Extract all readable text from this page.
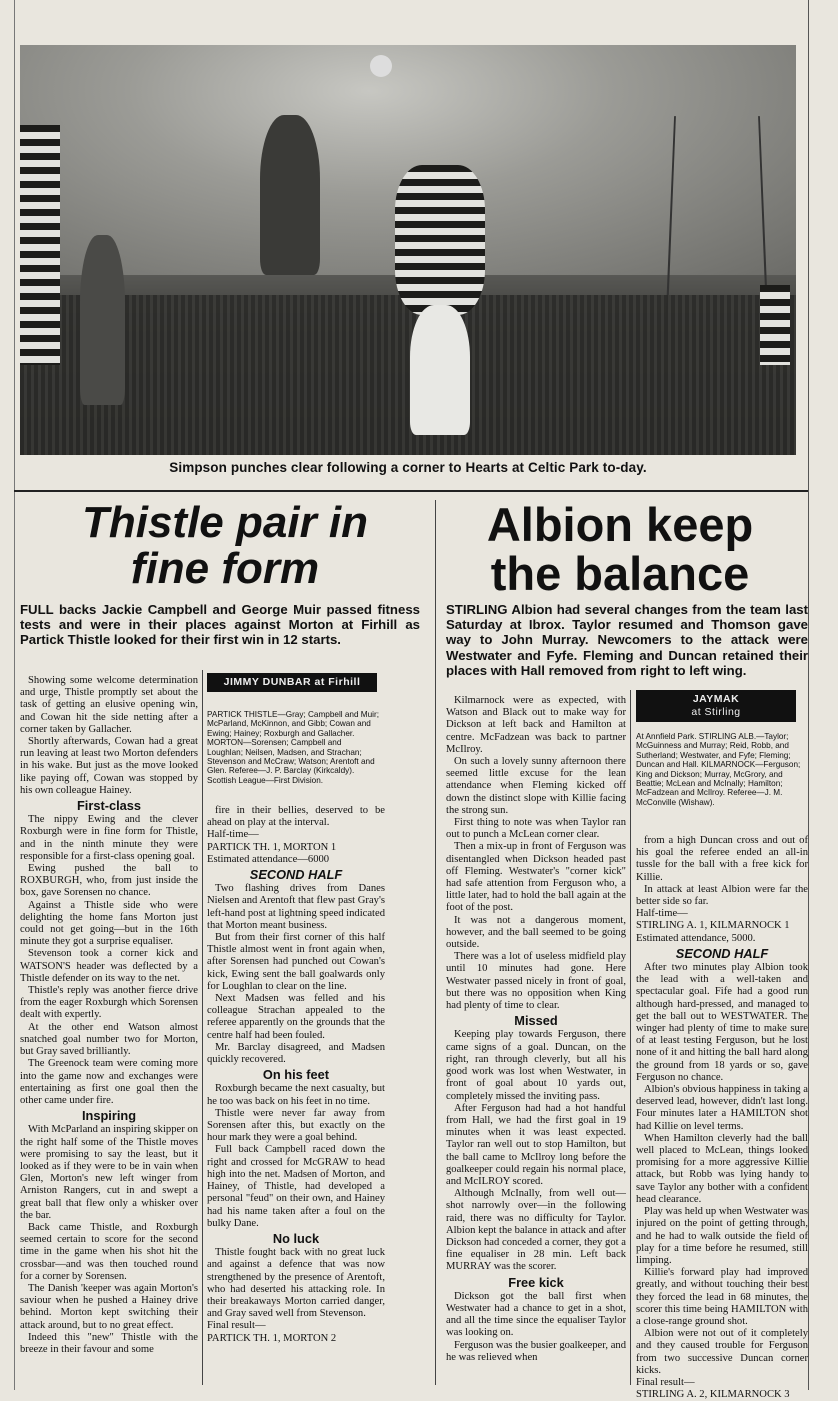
Simpson punches clear following a corner to Hearts at Celtic Park to-day.
Thistle pair in
fine form
FULL backs Jackie Campbell and George Muir passed fitness tests and were in their places against Morton at Firhill as Partick Thistle looked for their first win in 12 starts.

Showing some welcome determination and urge, Thistle promptly set about the task of getting an elusive opening win, and Cowan hit the side netting after a corner taken by Gallacher.

Shortly afterwards, Cowan had a great run leaving at least two Morton defenders in his wake. But just as the move looked like paying off, Cowan was stopped by his own colleague Hainey.

First-class

The nippy Ewing and the clever Roxburgh were in fine form for Thistle, and in the ninth minute they were responsible for a first-class opening goal.

Ewing pushed the ball to ROXBURGH, who, from just inside the box, gave Sorensen no chance.

Against a Thistle side who were delighting the home fans Morton just could not get going—but in the 16th minute they got a surprise equaliser.

Stevenson took a corner kick and WATSON'S header was deflected by a Thistle defender on its way to the net.

Thistle's reply was another fierce drive from the eager Roxburgh which Sorensen dealt with expertly.

At the other end Watson almost snatched goal number two for Morton, but Gray saved brilliantly.

The Greenock team were coming more into the game now and exchanges were entertaining as first one goal then the other came under fire.

Inspiring

With McParland an inspiring skipper on the right half some of the Thistle moves were promising to say the least, but it looked as if they were to be in vain when Glen, Morton's new left winger from Arniston Rangers, cut in and swept a great ball that flew only a whisker over the bar.

Back came Thistle, and Roxburgh seemed certain to score for the second time in the game when his shot hit the crossbar—and was then touched round for a corner by Sorensen.

The Danish 'keeper was again Morton's saviour when he pushed a Hainey drive behind. Morton kept switching their attack around, but to no great effect.

Indeed this "new" Thistle with the breeze in their favour and some

JIMMY DUNBAR at Firhill

PARTICK THISTLE—Gray; Campbell and Muir; McParland, McKinnon, and Gibb; Cowan and Ewing; Hainey; Roxburgh and Gallacher. MORTON—Sorensen; Campbell and Loughlan; Neilsen, Madsen, and Strachan; Stevenson and McCraw; Watson; Arentoft and Glen. Referee—J. P. Barclay (Kirkcaldy). Scottish League—First Division.

fire in their bellies, deserved to be ahead on play at the interval.

Half-time—

PARTICK TH. 1, MORTON 1

Estimated attendance—6000

SECOND HALF

Two flashing drives from Danes Nielsen and Arentoft that flew past Gray's left-hand post at lightning speed indicated that Morton meant business.

But from their first corner of this half Thistle almost went in front again when, after Sorensen had punched out Cowan's kick, Ewing sent the ball goalwards only for Loughlan to clear on the line.

Next Madsen was felled and his colleague Strachan appealed to the referee apparently on the grounds that the centre half had been fouled.

Mr. Barclay disagreed, and Madsen quickly recovered.

On his feet

Roxburgh became the next casualty, but he too was back on his feet in no time.

Thistle were never far away from Sorensen after this, but exactly on the hour mark they were a goal behind.

Full back Campbell raced down the right and crossed for McGRAW to head high into the net. Madsen of Morton, and Hainey, of Thistle, had developed a personal "feud" on their own, and Hainey had his name taken after a foul on the bulky Dane.

No luck

Thistle fought back with no great luck and against a defence that was now strengthened by the presence of Arentoft, who had deserted his attacking role. In their breakaways Morton carried danger, and Gray saved well from Stevenson.

Final result—

PARTICK TH. 1, MORTON 2

Albion keep
the balance
STIRLING Albion had several changes from the team last Saturday at Ibrox. Taylor resumed and Thomson gave way to John Murray. Newcomers to the attack were Westwater and Fyfe. Fleming and Duncan retained their places with Hall removed from right to left wing.

Kilmarnock were as expected, with Watson and Black out to make way for Dickson at left back and Hamilton at centre. McFadzean was back to partner McIlroy.

On such a lovely sunny afternoon there seemed little excuse for the lean attendance when Fleming kicked off down the distinct slope with Killie facing the strong sun.

First thing to note was when Taylor ran out to punch a McLean corner clear.

Then a mix-up in front of Ferguson was disentangled when Dickson headed past off Fleming. Westwater's "corner kick" had safe attention from Ferguson who, a little later, had to hold the ball again at the foot of the post.

It was not a dangerous moment, however, and the ball seemed to be going outside.

There was a lot of useless midfield play until 10 minutes had gone. Here Westwater passed nicely in front of goal, but there was no opposition when King had plenty of time to clear.

Missed

Keeping play towards Ferguson, there came signs of a goal. Duncan, on the right, ran through cleverly, but all his good work was lost when Westwater, in front of goal about 10 yards out, completely missed the inviting pass.

After Ferguson had had a hot handful from Hall, we had the first goal in 19 minutes when it was least expected. Taylor ran well out to stop Hamilton, but the ball came to McIlroy long before the goalkeeper could regain his normal place, and McILROY scored.

Although McInally, from well out—shot narrowly over—in the following raid, there was no difficulty for Taylor. Albion kept the balance in attack and after Dickson had conceded a corner, they got a fine equaliser in 28 min. Left back MURRAY was the scorer.

Free kick

Dickson got the ball first when Westwater had a chance to get in a shot, and all the time since the equaliser Taylor was looking on.

Ferguson was the busier goalkeeper, and he was relieved when

JAYMAK
at Stirling

At Annfield Park. STIRLING ALB.—Taylor; McGuinness and Murray; Reid, Robb, and Sutherland; Westwater, and Fyfe; Fleming; Duncan and Hall. KILMARNOCK—Ferguson; King and Dickson; Murray, McGrory, and Beattie; McLean and McInally; Hamilton; McFadzean and McIlroy. Referee—J. M. McConville (Wishaw).

from a high Duncan cross and out of his goal the referee ended an all-in tussle for the ball with a free kick for Killie.

In attack at least Albion were far the better side so far.

Half-time—

STIRLING A. 1, KILMARNOCK 1

Estimated attendance, 5000.

SECOND HALF

After two minutes play Albion took the lead with a well-taken and spectacular goal. Fife had a good run although hard-pressed, and managed to get the ball out to WESTWATER. The winger had plenty of time to make sure of at least testing Ferguson, but he lost none of it and hitting the ball hard along the ground from 18 yards or so, gave Ferguson no chance.

Albion's obvious happiness in taking a deserved lead, however, didn't last long. Four minutes later a HAMILTON shot had Killie on level terms.

When Hamilton cleverly had the ball well placed to McLean, things looked promising for a more aggressive Killie attack, but Robb was lying handy to save Taylor any bother with a confident head clearance.

Play was held up when Westwater was injured on the point of getting through, and he had to walk outside the field of play for a time before he resumed, still limping.

Killie's forward play had improved greatly, and without touching their best they forced the lead in 68 minutes, the scorer this time being HAMILTON with a close-range ground shot.

Albion were not out of it completely and they caused trouble for Ferguson from two successive Duncan corner kicks.

Final result—

STIRLING A. 2, KILMARNOCK 3
